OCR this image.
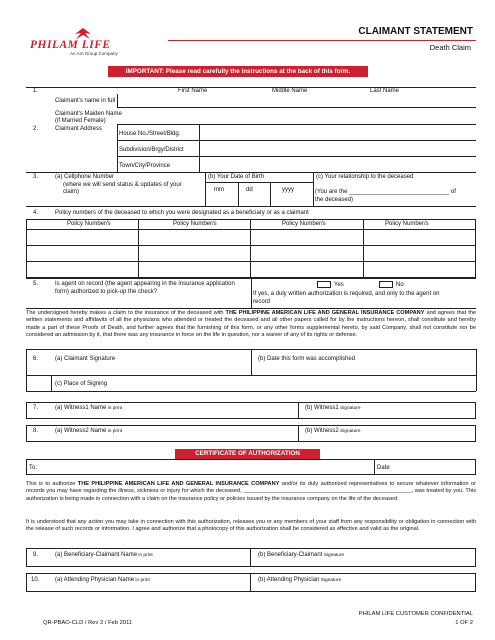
PHILAM LIFE
An AIA Group Company
CLAIMANT STATEMENT
Death Claim
IMPORTANT: Please read carefully the instructions at the back of this form.
1.	First Name	Middle Name	Last Name
Claimant's name in full
Claimant's Maiden Name
(if Married Female)
2.	Claimant Address
House No./Street/Bldg.
Subdivision/Brgy/District
Town/City/Province
3.	(a) Cellphone Number
(where we will send status & updates of your
claim)
(b) Your Date of Birth
mm	dd	yyyy
(c) Your relationship to the deceased
(You are the ______________________________ of
the deceased)
4.	Policy numbers of the deceased to which you were designated as a beneficiary or as a claimant
Policy Number/s	Policy Number/s	Policy Number/s	Policy Number/s
5.	Is agent on record (the agent appearing in the insurance application
form) authorized to pick-up the check?
Yes	No
If yes, a duly written authorization is required, and only to the agent on
record
The undersigned hereby makes a claim to the insurance of the deceased with THE PHILIPPINE AMERICAN LIFE AND GENERAL INSURANCE COMPANY and agrees that the written statements and affidavits of all the physicians who attended or treated the deceased and all other papers called for by the instructions hereon, shall constitute and hereby made a part of these Proofs of Death, and further agrees that the furnishing of this form, or any other forms supplemental hereto, by said Company, shall not constitute nor be considered an admission by it, that there was any insurance in force on the life in question, nor a waiver of any of its rights or defense.
6.	(a) Claimant Signature	(b) Date this form was accomplished
(c) Place of Signing
7.	(a) Witness1 Name in print	(b) Witness1 Signature
8.	(a) Witness2 Name in print	(b) Witness2 Signature
CERTIFICATE OF AUTHORIZATION
To:	Date
This is to authorize THE PHILIPPINE AMERICAN LIFE AND GENERAL INSURANCE COMPANY and/or its duly authorized representatives to secure whatever information or records you may have regarding the illness, sickness or injury for which the deceased, ______________________________________________________, was treated by you. This authorization is being made in connection with a claim on the insurance policy or policies issued by the insurance company on the life of the deceased.
It is understood that any action you may take in connection with this authorization, releases you or any members of your staff from any responsibility or obligation in connection with the release of such records or information. I agree and authorize that a photocopy of this authorization shall be considered as effective and valid as the original.
9.	(a) Beneficiary-Claimant Name in print	(b) Beneficiary-Claimant Signature
10.	(a) Attending Physician Name in print	(b) Attending Physician Signature
QR-PBAO-CLD / Rev 2 / Feb 2011
PHILAM LIFE CUSTOMER CONFIDENTIAL
1 OF 2
